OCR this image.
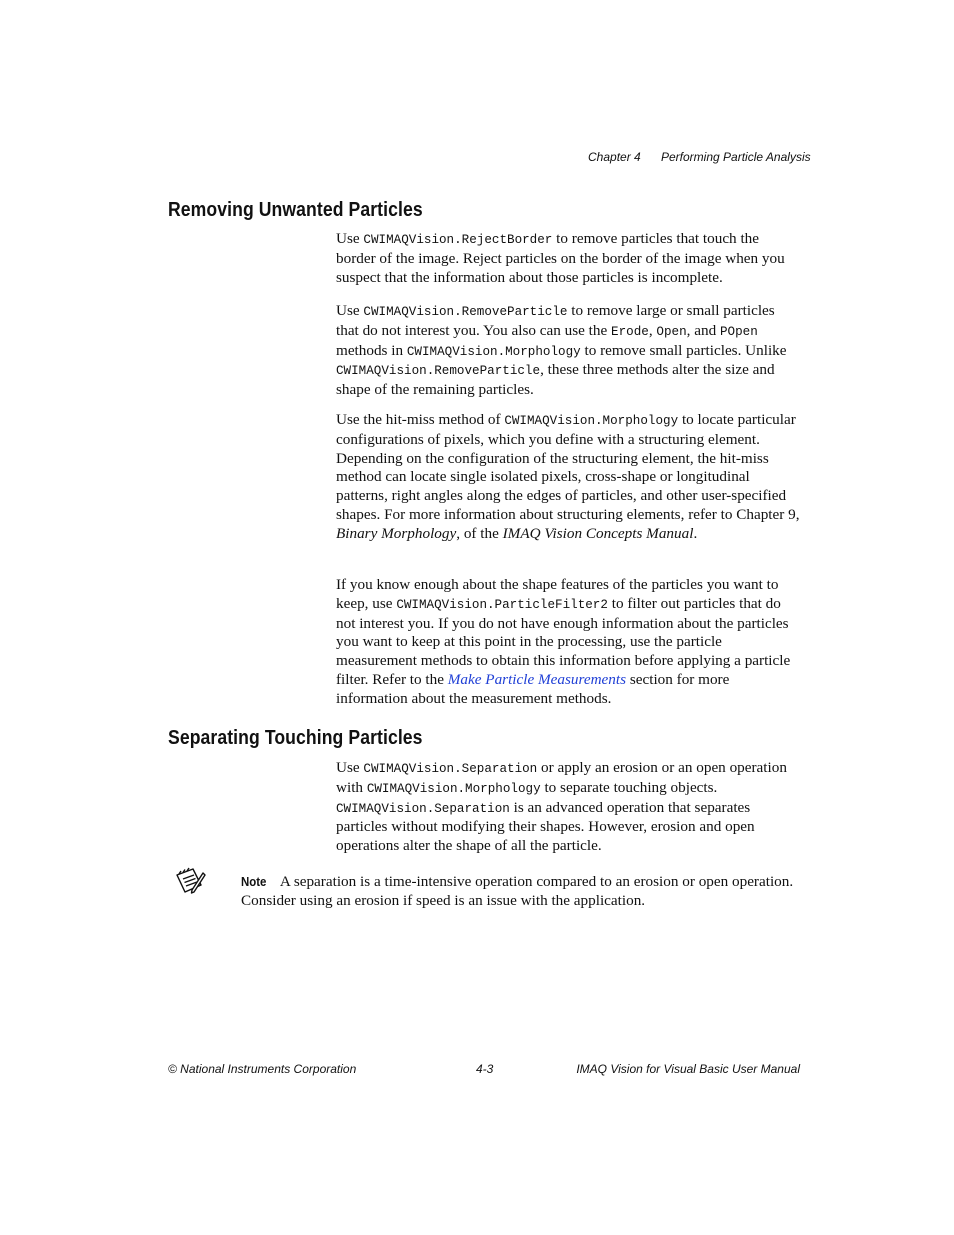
Chapter 4 Performing Particle Analysis
Removing Unwanted Particles

Use CWIMAQVision.RejectBorder to remove particles that touch the border of the image. Reject particles on the border of the image when you suspect that the information about those particles is incomplete.

Use CWIMAQVision.RemoveParticle to remove large or small particles that do not interest you. You also can use the Erode, Open, and POpen methods in CWIMAQVision.Morphology to remove small particles. Unlike CWIMAQVision.RemoveParticle, these three methods alter the size and shape of the remaining particles.

Use the hit-miss method of CWIMAQVision.Morphology to locate particular configurations of pixels, which you define with a structuring element. Depending on the configuration of the structuring element, the hit-miss method can locate single isolated pixels, cross-shape or longitudinal patterns, right angles along the edges of particles, and other user-specified shapes. For more information about structuring elements, refer to Chapter 9, Binary Morphology, of the IMAQ Vision Concepts Manual.

If you know enough about the shape features of the particles you want to keep, use CWIMAQVision.ParticleFilter2 to filter out particles that do not interest you. If you do not have enough information about the particles you want to keep at this point in the processing, use the particle measurement methods to obtain this information before applying a particle filter. Refer to the Make Particle Measurements section for more information about the measurement methods.

Separating Touching Particles

Use CWIMAQVision.Separation or apply an erosion or an open operation with CWIMAQVision.Morphology to separate touching objects. CWIMAQVision.Separation is an advanced operation that separates particles without modifying their shapes. However, erosion and open operations alter the shape of all the particle.

Note A separation is a time-intensive operation compared to an erosion or open operation. Consider using an erosion if speed is an issue with the application.

© National Instruments Corporation	4-3	IMAQ Vision for Visual Basic User Manual
